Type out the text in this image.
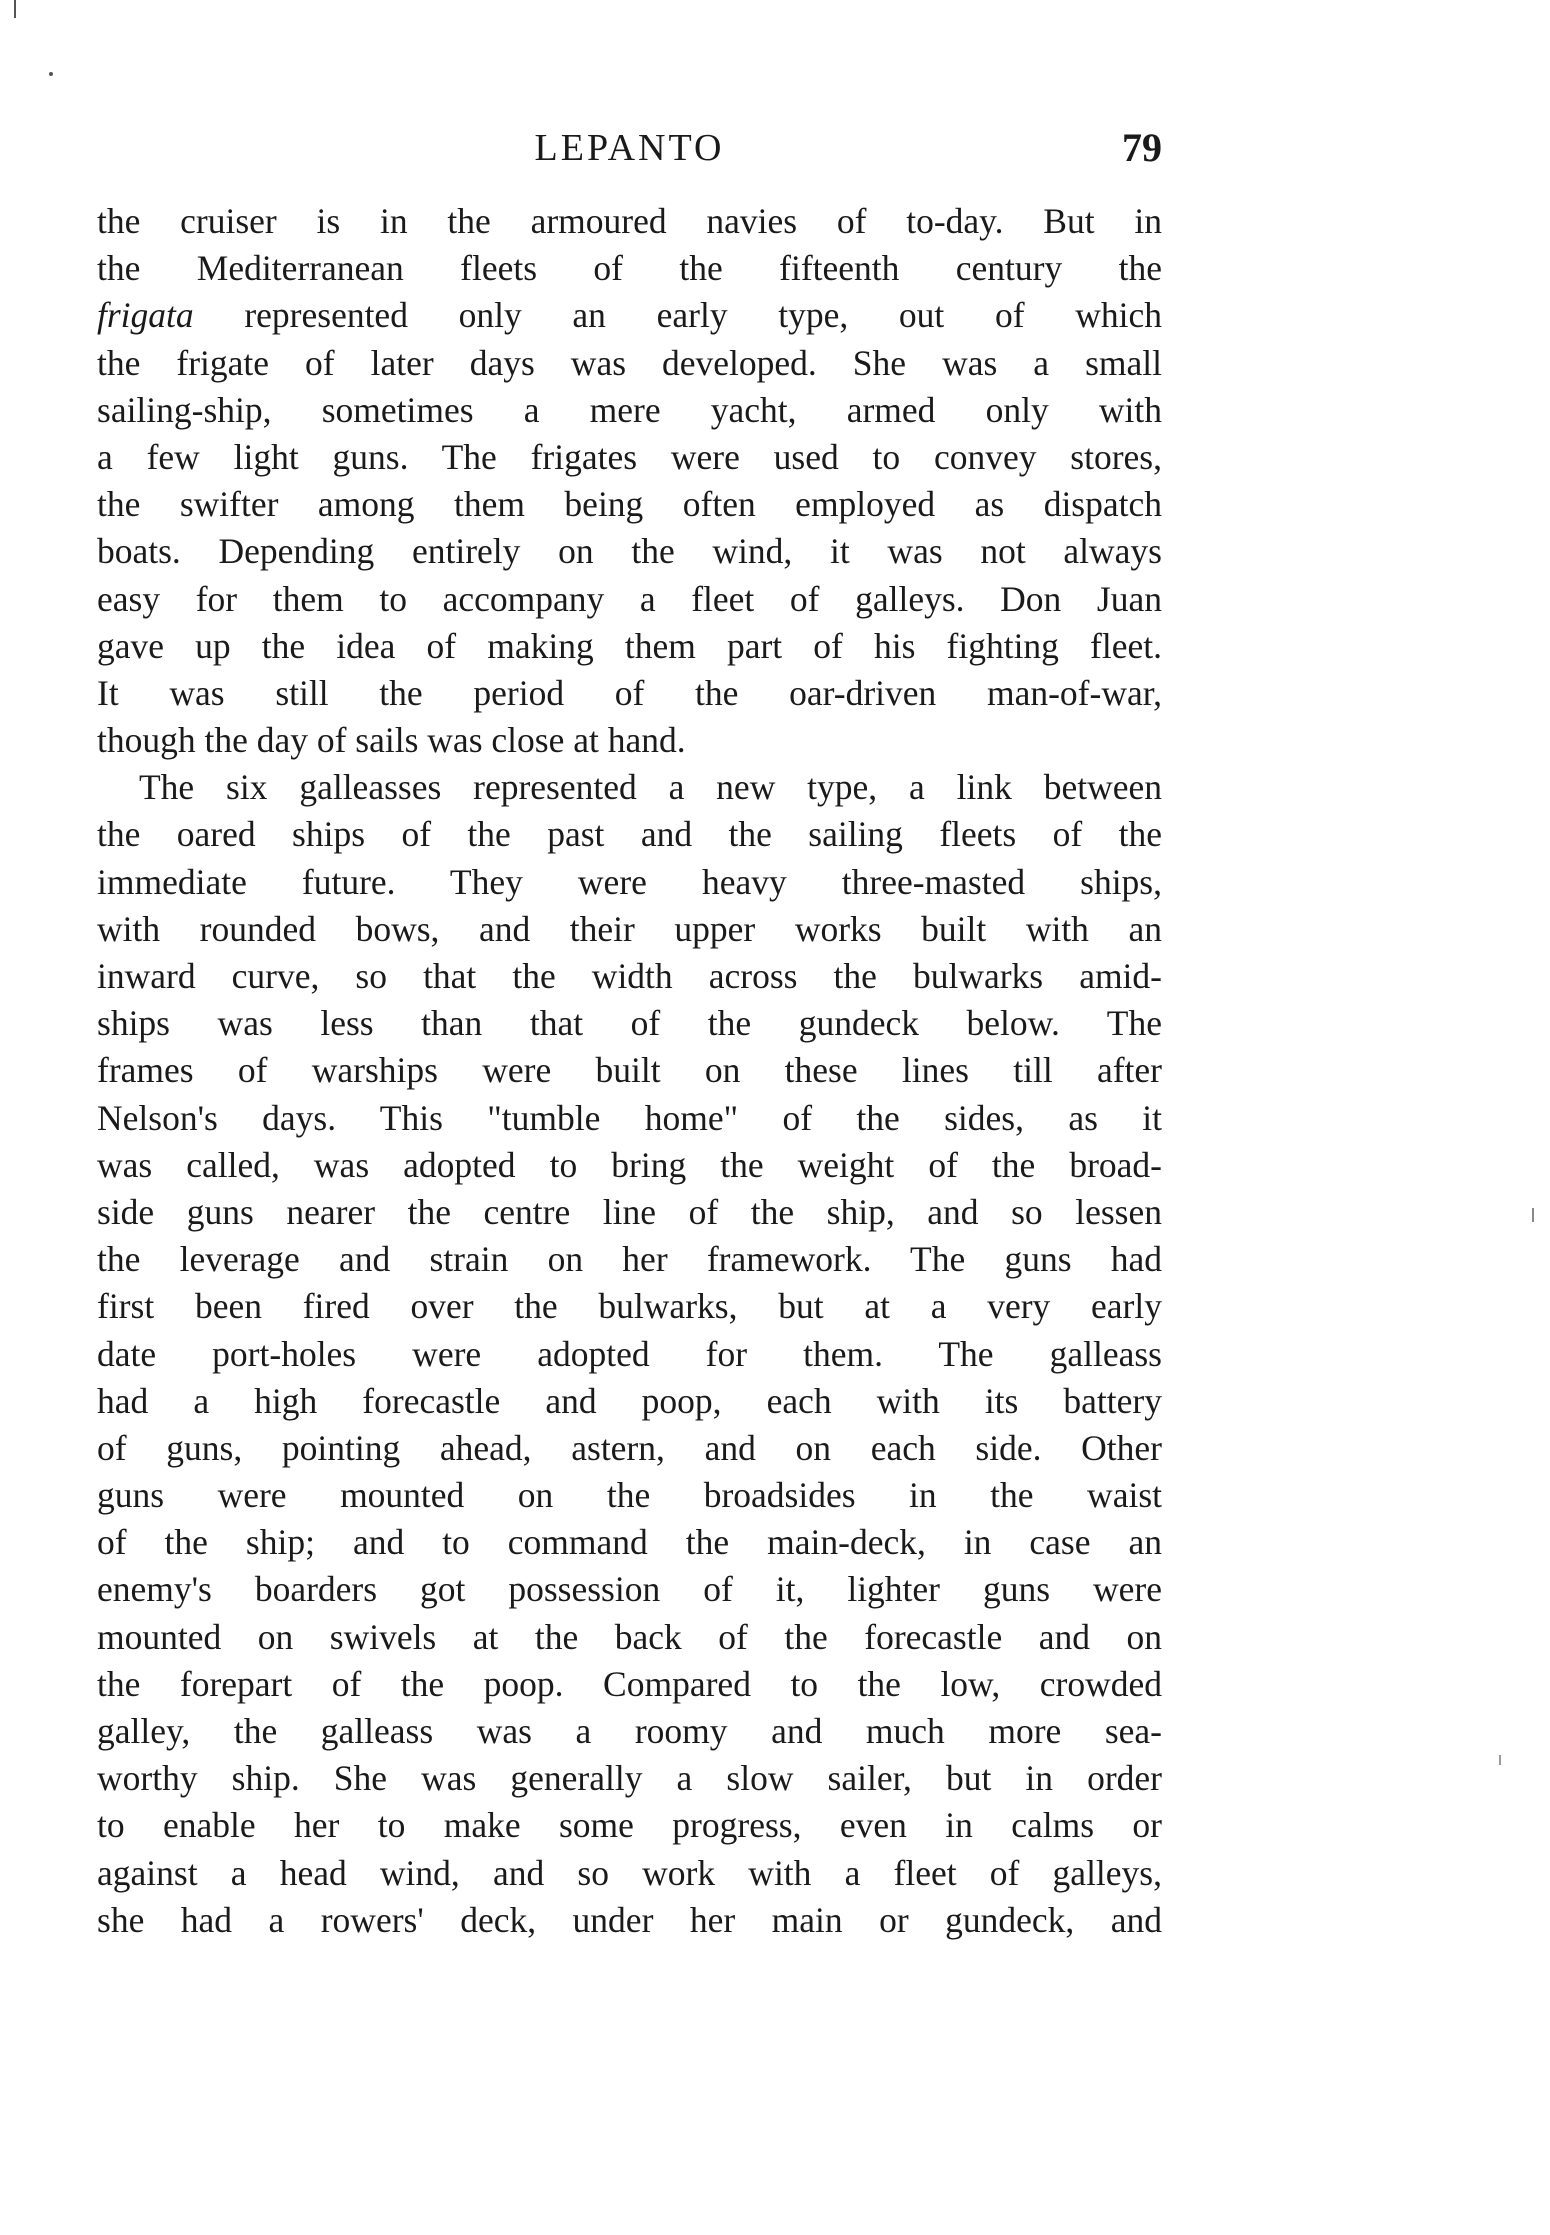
LEPANTO	79
the cruiser is in the armoured navies of to-day. But in
the Mediterranean fleets of the fifteenth century the
frigata represented only an early type, out of which
the frigate of later days was developed. She was a small
sailing-ship, sometimes a mere yacht, armed only with
a few light guns. The frigates were used to convey stores,
the swifter among them being often employed as dispatch
boats. Depending entirely on the wind, it was not always
easy for them to accompany a fleet of galleys. Don Juan
gave up the idea of making them part of his fighting fleet.
It was still the period of the oar-driven man-of-war,
though the day of sails was close at hand.
The six galleasses represented a new type, a link between
the oared ships of the past and the sailing fleets of the
immediate future. They were heavy three-masted ships,
with rounded bows, and their upper works built with an
inward curve, so that the width across the bulwarks amid-
ships was less than that of the gundeck below. The
frames of warships were built on these lines till after
Nelson's days. This "tumble home" of the sides, as it
was called, was adopted to bring the weight of the broad-
side guns nearer the centre line of the ship, and so lessen
the leverage and strain on her framework. The guns had
first been fired over the bulwarks, but at a very early
date port-holes were adopted for them. The galleass
had a high forecastle and poop, each with its battery
of guns, pointing ahead, astern, and on each side. Other
guns were mounted on the broadsides in the waist
of the ship; and to command the main-deck, in case an
enemy's boarders got possession of it, lighter guns were
mounted on swivels at the back of the forecastle and on
the forepart of the poop. Compared to the low, crowded
galley, the galleass was a roomy and much more sea-
worthy ship. She was generally a slow sailer, but in order
to enable her to make some progress, even in calms or
against a head wind, and so work with a fleet of galleys,
she had a rowers' deck, under her main or gundeck, and
